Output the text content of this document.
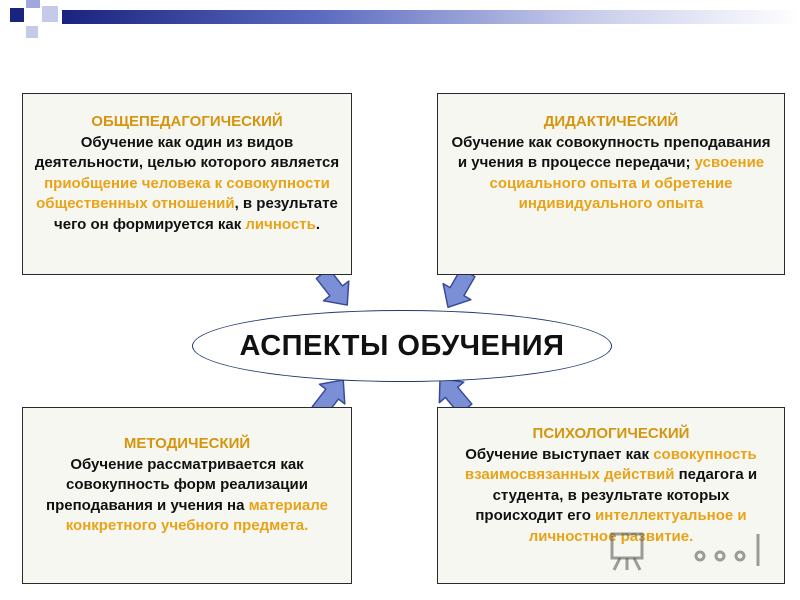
ОБЩЕПЕДАГОГИЧЕСКИЙ
Обучение как один из видов деятельности, целью которого является приобщение человека к совокупности общественных отношений, в результате чего он формируется как личность.
ДИДАКТИЧЕСКИЙ
Обучение как совокупность преподавания и учения в процессе передачи; усвоение социального опыта и обретение индивидуального опыта
АСПЕКТЫ ОБУЧЕНИЯ
МЕТОДИЧЕСКИЙ
Обучение рассматривается как совокупность форм реализации преподавания и учения на материале конкретного учебного предмета.
ПСИХОЛОГИЧЕСКИЙ
Обучение выступает как совокупность взаимосвязанных действий педагога и студента, в результате которых происходит его интеллектуальное и личностное развитие.
